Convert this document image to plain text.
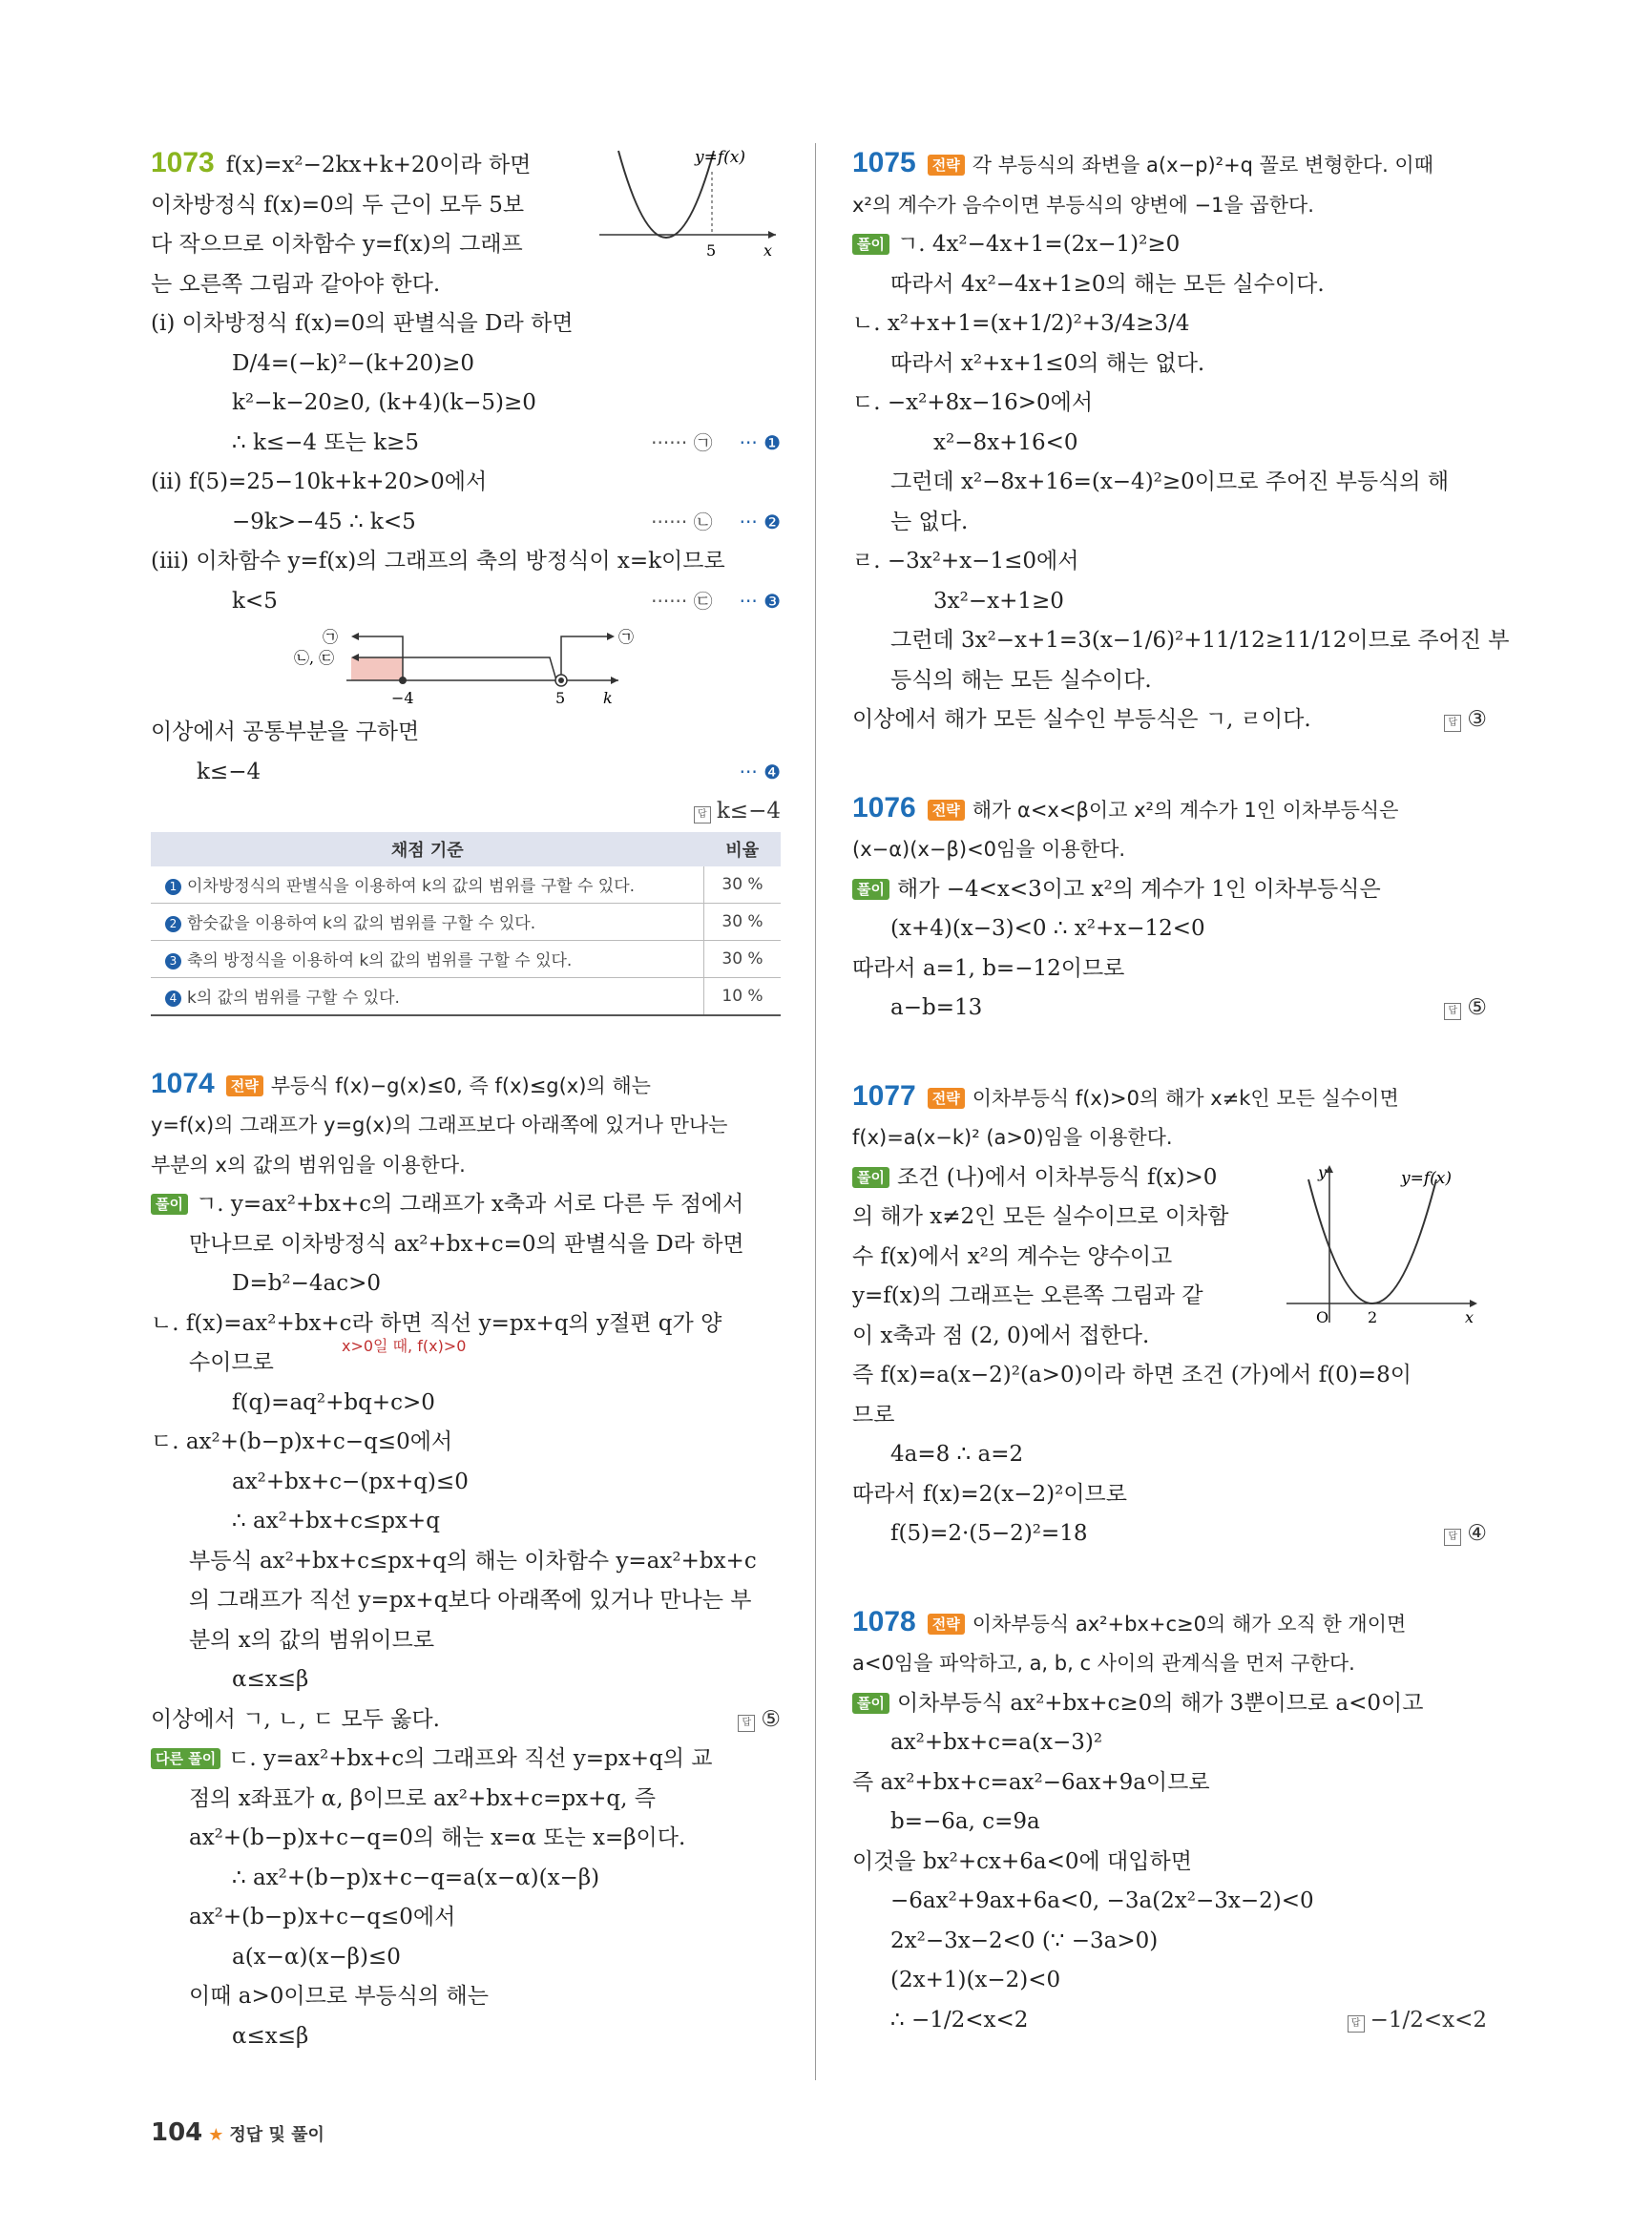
y=f(x)
5	x
1073 f(x)=x²−2kx+k+20이라 하면
이차방정식 f(x)=0의 두 근이 모두 5보
다 작으므로 이차함수 y=f(x)의 그래프
는 오른쪽 그림과 같아야 한다.
(i) 이차방정식 f(x)=0의 판별식을 D라 하면
D/4=(−k)²−(k+20)≥0
k²−k−20≥0, (k+4)(k−5)≥0
∴ k≤−4 또는 k≥5	······ ㉠ ··· ❶
(ii) f(5)=25−10k+k+20>0에서
−9k>−45 ∴ k<5	······ ㉡ ··· ❷
(iii) 이차함수 y=f(x)의 그래프의 축의 방정식이 x=k이므로
k<5	······ ㉢ ··· ❸
㉠
㉡, ㉢
㉠
−4	5 k
이상에서 공통부분을 구하면
k≤−4	··· ❹
답 k≤−4
채점 기준	비율
1 이차방정식의 판별식을 이용하여 k의 값의 범위를 구할 수 있다.	30 %
2 함숫값을 이용하여 k의 값의 범위를 구할 수 있다.	30 %
3 축의 방정식을 이용하여 k의 값의 범위를 구할 수 있다.	30 %
4 k의 값의 범위를 구할 수 있다.	10 %
1074 전략 부등식 f(x)−g(x)≤0, 즉 f(x)≤g(x)의 해는
y=f(x)의 그래프가 y=g(x)의 그래프보다 아래쪽에 있거나 만나는
부분의 x의 값의 범위임을 이용한다.
풀이 ㄱ. y=ax²+bx+c의 그래프가 x축과 서로 다른 두 점에서
만나므로 이차방정식 ax²+bx+c=0의 판별식을 D라 하면
D=b²−4ac>0
ㄴ. f(x)=ax²+bx+c라 하면 직선 y=px+q의 y절편 q가 양
수이므로
x>0일 때, f(x)>0
f(q)=aq²+bq+c>0
ㄷ. ax²+(b−p)x+c−q≤0에서
ax²+bx+c−(px+q)≤0
∴ ax²+bx+c≤px+q
부등식 ax²+bx+c≤px+q의 해는 이차함수 y=ax²+bx+c
의 그래프가 직선 y=px+q보다 아래쪽에 있거나 만나는 부
분의 x의 값의 범위이므로
α≤x≤β
이상에서 ㄱ, ㄴ, ㄷ 모두 옳다.	답 ⑤
다른 풀이 ㄷ. y=ax²+bx+c의 그래프와 직선 y=px+q의 교
점의 x좌표가 α, β이므로 ax²+bx+c=px+q, 즉
ax²+(b−p)x+c−q=0의 해는 x=α 또는 x=β이다.
∴ ax²+(b−p)x+c−q=a(x−α)(x−β)
ax²+(b−p)x+c−q≤0에서
a(x−α)(x−β)≤0
이때 a>0이므로 부등식의 해는
α≤x≤β
1075 전략 각 부등식의 좌변을 a(x−p)²+q 꼴로 변형한다. 이때
x²의 계수가 음수이면 부등식의 양변에 −1을 곱한다.
풀이 ㄱ. 4x²−4x+1=(2x−1)²≥0
따라서 4x²−4x+1≥0의 해는 모든 실수이다.
ㄴ. x²+x+1=(x+1/2)²+3/4≥3/4
따라서 x²+x+1≤0의 해는 없다.
ㄷ. −x²+8x−16>0에서
x²−8x+16<0
그런데 x²−8x+16=(x−4)²≥0이므로 주어진 부등식의 해
는 없다.
ㄹ. −3x²+x−1≤0에서
3x²−x+1≥0
그런데 3x²−x+1=3(x−1/6)²+11/12≥11/12이므로 주어진 부
등식의 해는 모든 실수이다.
이상에서 해가 모든 실수인 부등식은 ㄱ, ㄹ이다.	답 ③
1076 전략 해가 α<x<β이고 x²의 계수가 1인 이차부등식은
(x−α)(x−β)<0임을 이용한다.
풀이 해가 −4<x<3이고 x²의 계수가 1인 이차부등식은
(x+4)(x−3)<0 ∴ x²+x−12<0
따라서 a=1, b=−12이므로
a−b=13	답 ⑤
1077 전략 이차부등식 f(x)>0의 해가 x≠k인 모든 실수이면
f(x)=a(x−k)² (a>0)임을 이용한다.
y	y=f(x)
O	2	x
풀이 조건 (나)에서 이차부등식 f(x)>0
의 해가 x≠2인 모든 실수이므로 이차함
수 f(x)에서 x²의 계수는 양수이고
y=f(x)의 그래프는 오른쪽 그림과 같
이 x축과 점 (2, 0)에서 접한다.
즉 f(x)=a(x−2)²(a>0)이라 하면 조건 (가)에서 f(0)=8이
므로
4a=8 ∴ a=2
따라서 f(x)=2(x−2)²이므로
f(5)=2·(5−2)²=18	답 ④
1078 전략 이차부등식 ax²+bx+c≥0의 해가 오직 한 개이면
a<0임을 파악하고, a, b, c 사이의 관계식을 먼저 구한다.
풀이 이차부등식 ax²+bx+c≥0의 해가 3뿐이므로 a<0이고
ax²+bx+c=a(x−3)²
즉 ax²+bx+c=ax²−6ax+9a이므로
b=−6a, c=9a
이것을 bx²+cx+6a<0에 대입하면
−6ax²+9ax+6a<0, −3a(2x²−3x−2)<0
2x²−3x−2<0 (∵ −3a>0)
(2x+1)(x−2)<0
∴ −1/2<x<2	답 −1/2<x<2
104 ★ 정답 및 풀이
